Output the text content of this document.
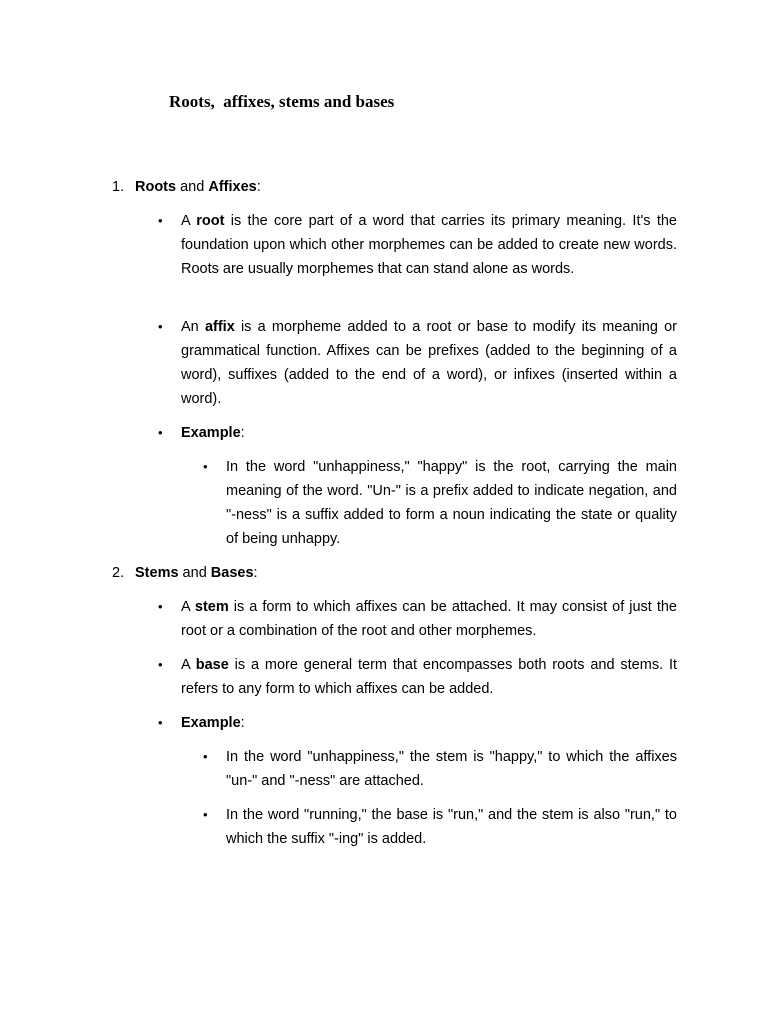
Roots,  affixes, stems and bases
1. Roots and Affixes:
• A root is the core part of a word that carries its primary meaning. It's the foundation upon which other morphemes can be added to create new words. Roots are usually morphemes that can stand alone as words.
• An affix is a morpheme added to a root or base to modify its meaning or grammatical function. Affixes can be prefixes (added to the beginning of a word), suffixes (added to the end of a word), or infixes (inserted within a word).
• Example:
• In the word "unhappiness," "happy" is the root, carrying the main meaning of the word. "Un-" is a prefix added to indicate negation, and "-ness" is a suffix added to form a noun indicating the state or quality of being unhappy.
2. Stems and Bases:
• A stem is a form to which affixes can be attached. It may consist of just the root or a combination of the root and other morphemes.
• A base is a more general term that encompasses both roots and stems. It refers to any form to which affixes can be added.
• Example:
• In the word "unhappiness," the stem is "happy," to which the affixes "un-" and "-ness" are attached.
• In the word "running," the base is "run," and the stem is also "run," to which the suffix "-ing" is added.
